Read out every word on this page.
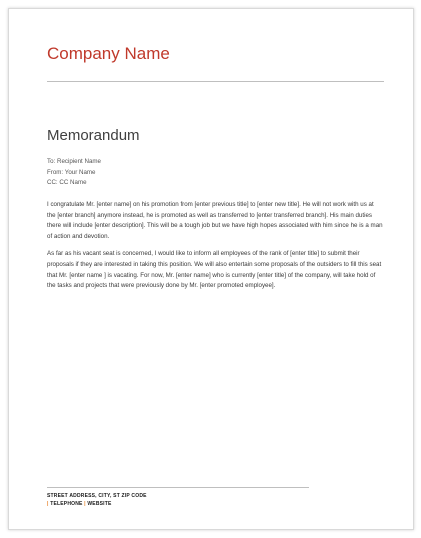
Company Name
Memorandum
To: Recipient Name
From: Your Name
CC: CC Name

I congratulate Mr. [enter name] on his promotion from [enter previous title] to [enter new title]. He will not work with us at the [enter branch] anymore instead, he is promoted as well as transferred to [enter transferred branch]. His main duties there will include [enter description]. This will be a tough job but we have high hopes associated with him since he is a man of action and devotion.

As far as his vacant seat is concerned, I would like to inform all employees of the rank of [enter title] to submit their proposals if they are interested in taking this position. We will also entertain some proposals of the outsiders to fill this seat that Mr. [enter name ] is vacating. For now, Mr. [enter name] who is currently [enter title] of the company, will take hold of the tasks and projects that were previously done by Mr. [enter promoted employee].

STREET ADDRESS, CITY, ST ZIP CODE
| TELEPHONE | WEBSITE
